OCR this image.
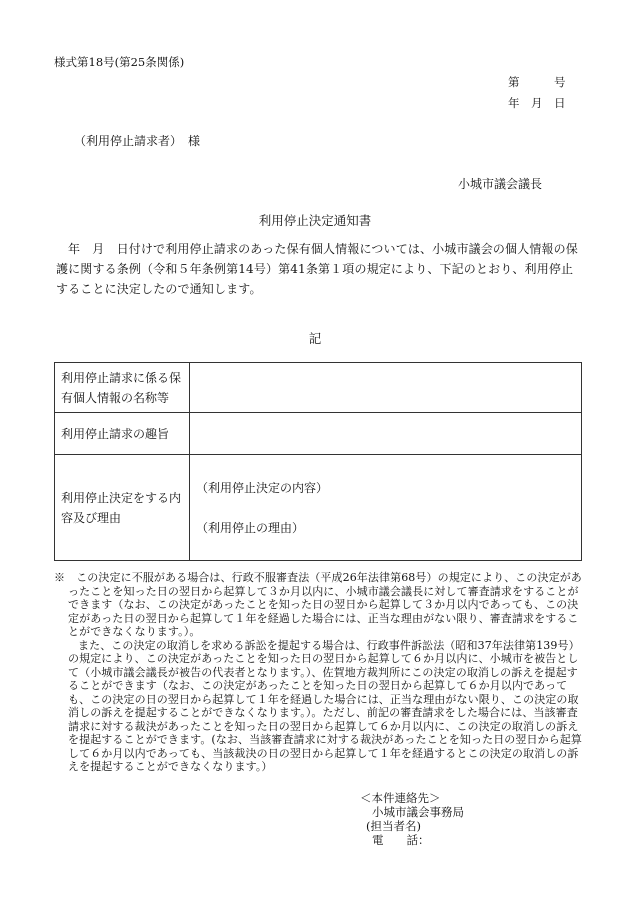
様式第18号(第25条関係)
第　　　号
年　月　日
（利用停止請求者）　様
小城市議会議長
利用停止決定通知書
年　月　日付けで利用停止請求のあった保有個人情報については、小城市議会の個人情報の保護に関する条例（令和５年条例第14号）第41条第１項の規定により、下記のとおり、利用停止することに決定したので通知します。
記
利用停止請求に係る保有個人情報の名称等	
利用停止請求の趣旨	
利用停止決定をする内容及び理由	（利用停止決定の内容）
（利用停止の理由）

※　この決定に不服がある場合は、行政不服審査法（平成26年法律第68号）の規定により、この決定があったことを知った日の翌日から起算して３か月以内に、小城市議会議長に対して審査請求をすることができます（なお、この決定があったことを知った日の翌日から起算して３か月以内であっても、この決定があった日の翌日から起算して１年を経過した場合には、正当な理由がない限り、審査請求をすることができなくなります。）。

また、この決定の取消しを求める訴訟を提起する場合は、行政事件訴訟法（昭和37年法律第139号）の規定により、この決定があったことを知った日の翌日から起算して６か月以内に、小城市を被告として（小城市議会議長が被告の代表者となります。）、佐賀地方裁判所にこの決定の取消しの訴えを提起することができます（なお、この決定があったことを知った日の翌日から起算して６か月以内であっても、この決定の日の翌日から起算して１年を経過した場合には、正当な理由がない限り、この決定の取消しの訴えを提起することができなくなります。）。ただし、前記の審査請求をした場合には、当該審査請求に対する裁決があったことを知った日の翌日から起算して６か月以内に、この決定の取消しの訴えを提起することができます。(なお、当該審査請求に対する裁決があったことを知った日の翌日から起算して６か月以内であっても、当該裁決の日の翌日から起算して１年を経過するとこの決定の取消しの訴えを提起することができなくなります。）

＜本件連絡先＞
小城市議会事務局
(担当者名)
電　　話：
